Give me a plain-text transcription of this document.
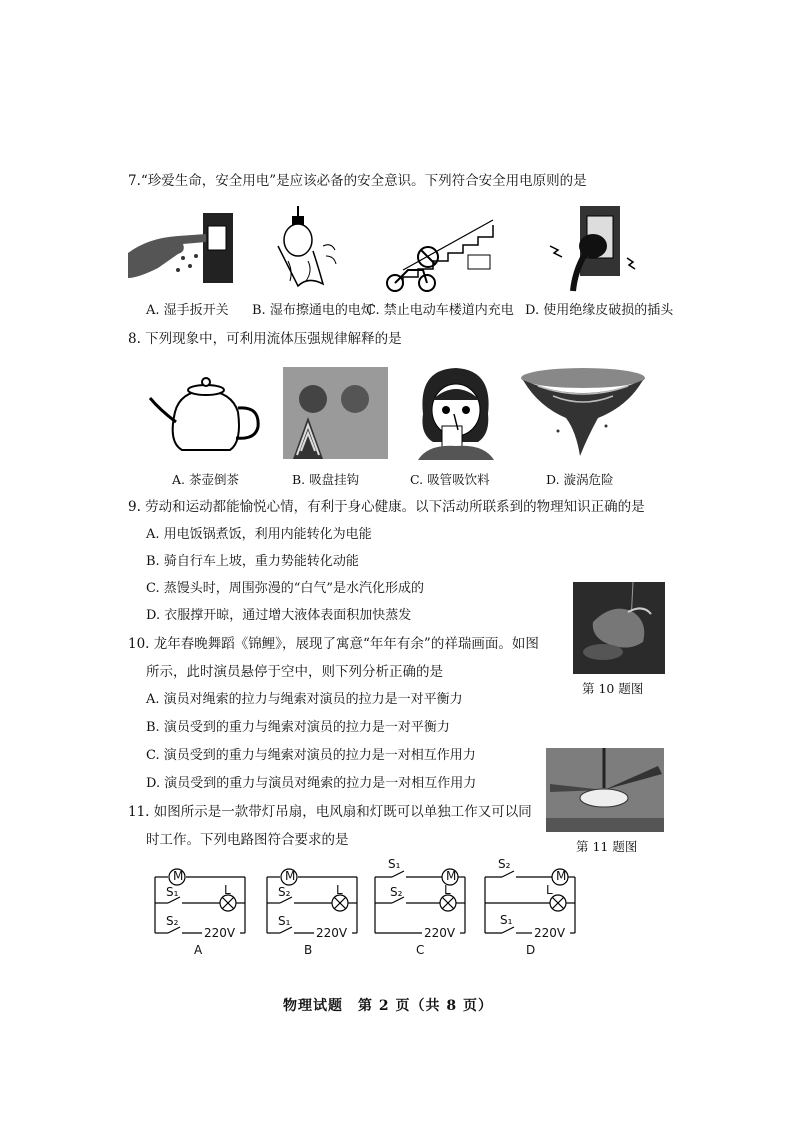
7.“珍爱生命，安全用电”是应该必备的安全意识。下列符合安全用电原则的是
A. 湿手扳开关 B. 湿布擦通电的电灯
C. 禁止电动车楼道内充电 D. 使用绝缘皮破损的插头
8. 下列现象中，可利用流体压强规律解释的是
A. 茶壶倒茶	B. 吸盘挂钩	C. 吸管吸饮料	D. 漩涡危险
9. 劳动和运动都能愉悦心情，有利于身心健康。以下活动所联系到的物理知识正确的是
A. 用电饭锅煮饭，利用内能转化为电能
B. 骑自行车上坡，重力势能转化动能
C. 蒸馒头时，周围弥漫的“白气”是水汽化形成的
D. 衣服撑开晾，通过增大液体表面积加快蒸发
10. 龙年春晚舞蹈《锦鲤》，展现了寓意“年年有余”的祥瑞画面。如图
所示，此时演员悬停于空中，则下列分析正确的是
A. 演员对绳索的拉力与绳索对演员的拉力是一对平衡力
B. 演员受到的重力与绳索对演员的拉力是一对平衡力
C. 演员受到的重力与绳索对演员的拉力是一对相互作用力
D. 演员受到的重力与演员对绳索的拉力是一对相互作用力
第 10 题图
11. 如图所示是一款带灯吊扇，电风扇和灯既可以单独工作又可以同
时工作。下列电路图符合要求的是	第 11 题图
M
S₁	L
S₂
220V
A
M
S₂	L
S₁
220V
B
S₁
M
S₂	L
220V
C
S₂
M
L
S₁
220V
D
物理试题　第 2 页（共 8 页）
